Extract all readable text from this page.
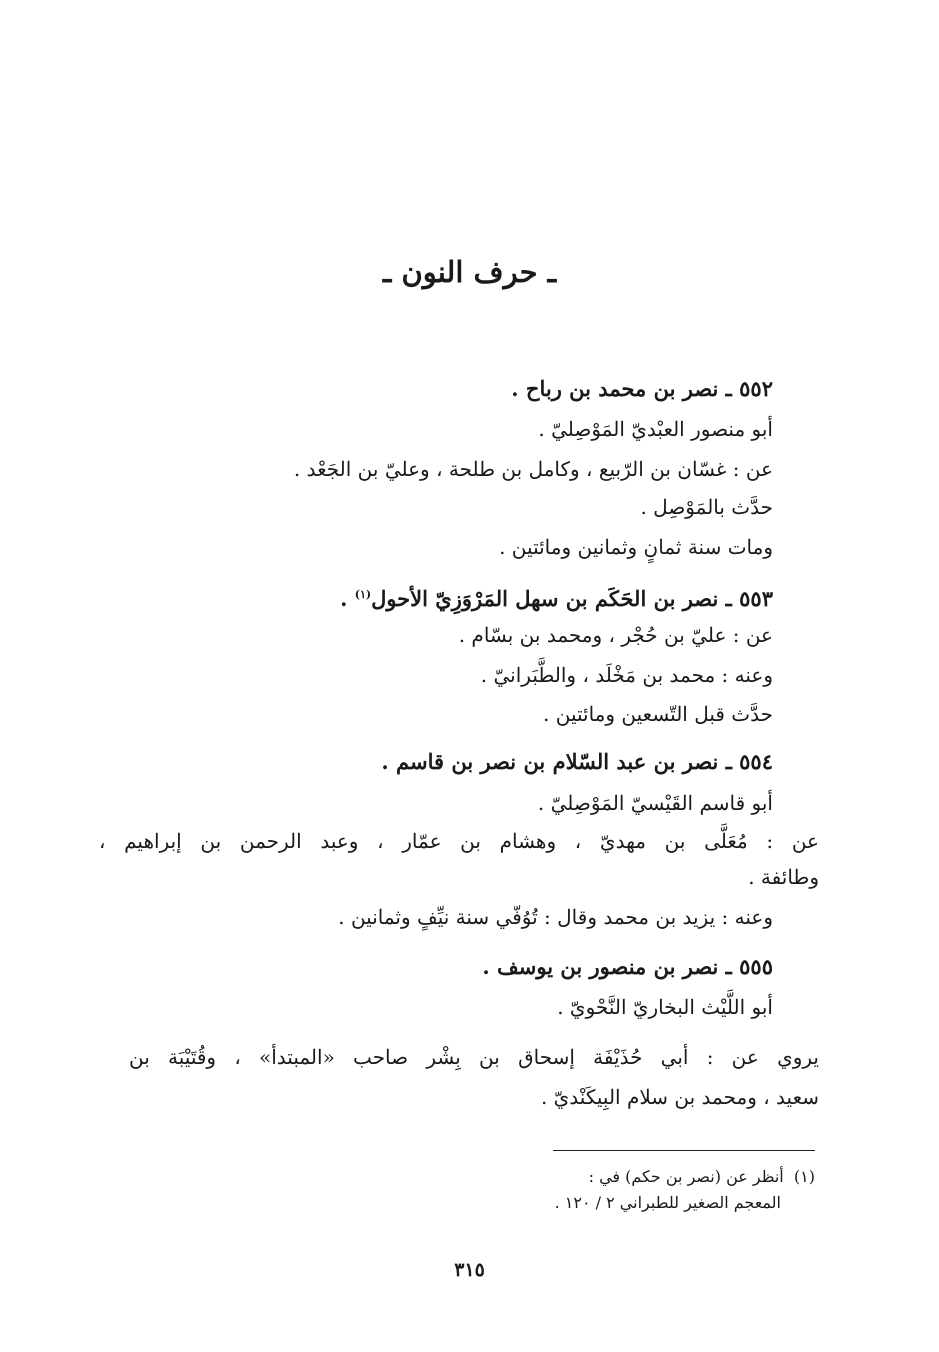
ـ حرف النون ـ
٥٥٢ ـ نصر بن محمد بن رباح .
أبو منصور العبْديّ المَوْصِليّ .
عن : غسّان بن الرّبيع ، وكامل بن طلحة ، وعليّ بن الجَعْد .
حدَّث بالمَوْصِل .
ومات سنة ثمانٍ وثمانين ومائتين .
٥٥٣ ـ نصر بن الحَكَم بن سهل المَرْوَزِيّ الأحول$^{(١)}$ .
عن : عليّ بن حُجْر ، ومحمد بن بسّام .
وعنه : محمد بن مَخْلَد ، والطَّبَرانيّ .
حدَّث قبل التّسعين ومائتين .
٥٥٤ ـ نصر بن عبد السّلام بن نصر بن قاسم .
أبو قاسم القَيْسيّ المَوْصِليّ .
عن : مُعَلَّى بن مهديّ ، وهشام بن عمّار ، وعبد الرحمن بن إبراهيم ،
وطائفة .
وعنه : يزيد بن محمد وقال : تُوُفّي سنة نيِّفٍ وثمانين .
٥٥٥ ـ نصر بن منصور بن يوسف .
أبو اللَّيْث البخاريّ النَّحْويّ .
يروي عن : أبي حُذَيْفَة إسحاق بن بِشْر صاحب «المبتدأ» ، وقُتَيْبَة بن
سعيد ، ومحمد بن سلام البِيكَنْديّ .
(١)  أنظر عن (نصر بن حكم) في :
المعجم الصغير للطبراني ٢ / ١٢٠ .
٣١٥
